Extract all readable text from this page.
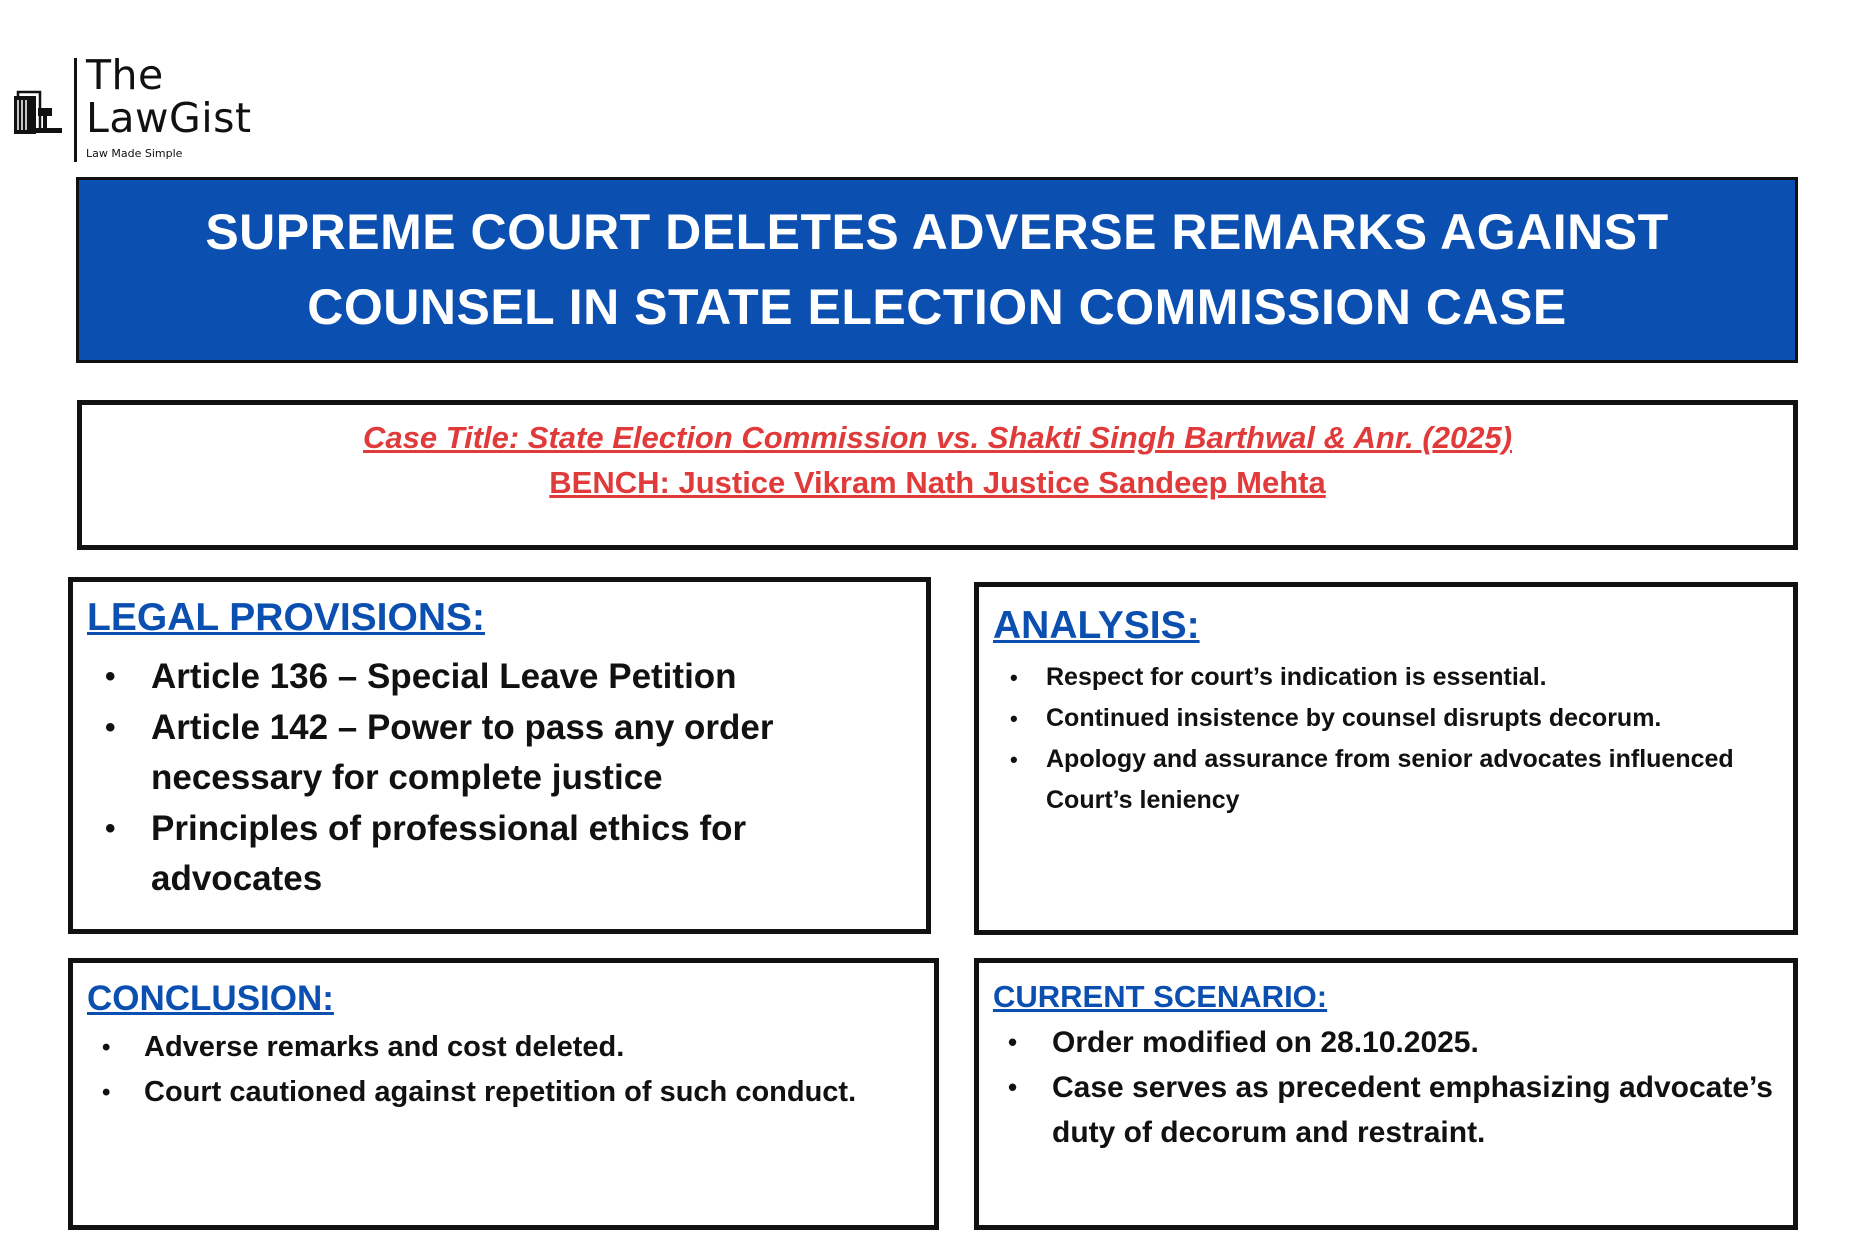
The
LawGist
Law Made Simple
SUPREME COURT DELETES ADVERSE REMARKS AGAINST
COUNSEL IN STATE ELECTION COMMISSION CASE
Case Title: State Election Commission vs. Shakti Singh Barthwal & Anr. (2025)
BENCH: Justice Vikram Nath Justice Sandeep Mehta
LEGAL PROVISIONS:
• Article 136 – Special Leave Petition
• Article 142 – Power to pass any order necessary for complete justice
• Principles of professional ethics for advocates
ANALYSIS:
• Respect for court’s indication is essential.
• Continued insistence by counsel disrupts decorum.
• Apology and assurance from senior advocates influenced Court’s leniency
CONCLUSION:
• Adverse remarks and cost deleted.
• Court cautioned against repetition of such conduct.
CURRENT SCENARIO:
• Order modified on 28.10.2025.
• Case serves as precedent emphasizing advocate’s duty of decorum and restraint.
